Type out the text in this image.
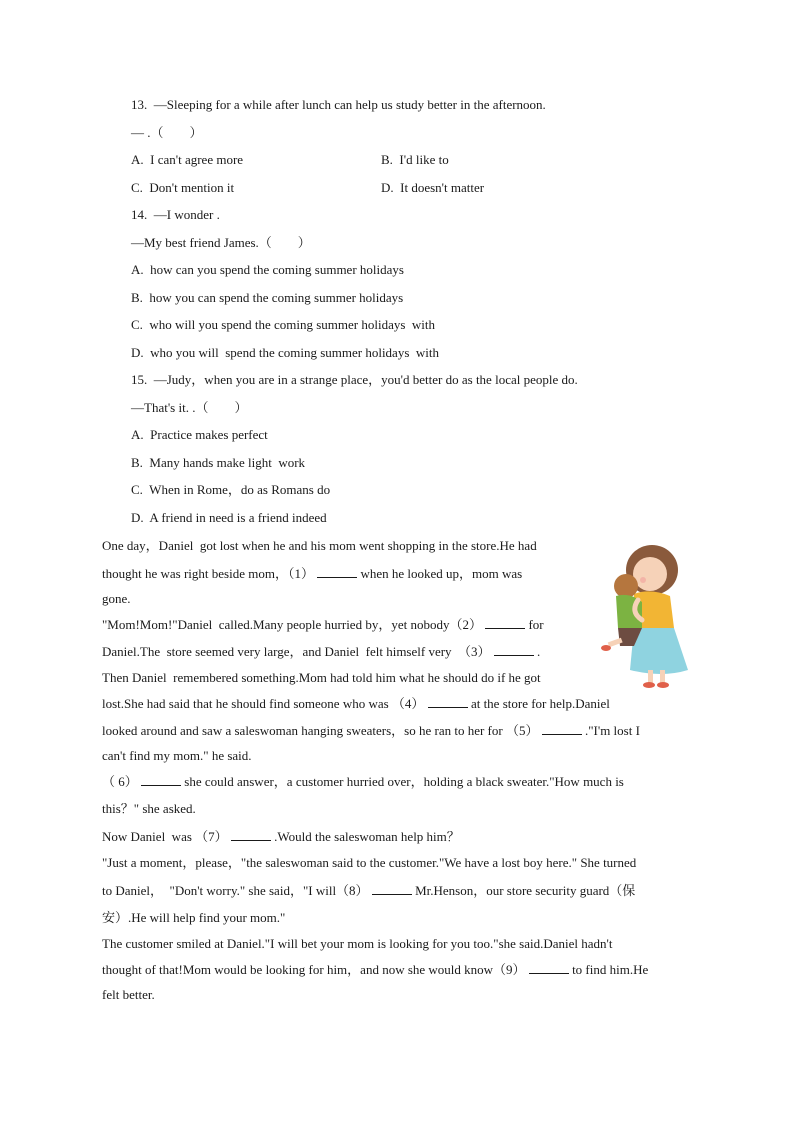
13. —Sleeping for a while after lunch can help us study better in the afternoon.
— .（　　）
A.  I can't agree more	B.  I'd like to
C.  Don't mention it	D.  It doesn't matter
14. —I wonder .
—My best friend James.（　　）
A.  how can you spend the coming summer holidays
B.  how you can spend the coming summer holidays
C.  who will you spend the coming summer holidays  with
D.  who you will  spend the coming summer holidays  with
15. —Judy，when you are in a strange place，you'd better do as the local people do.
—That's it. .（　　）
A.  Practice makes perfect
B.  Many hands make light  work
C.  When in Rome，do as Romans do
D.  A friend in need is a friend indeed
One day，Daniel  got lost when he and his mom went shopping in the store.He had
thought he was right beside mom，（1）	when he looked up，mom was
gone.
"Mom!Mom!"Daniel  called.Many people hurried by，yet nobody（2）	for
Daniel.The  store seemed very large，and Daniel  felt himself very  （3）	.
Then Daniel  remembered something.Mom had told him what he should do if he got
lost.She had said that he should find someone who was （4）	at the store for help.Daniel
looked around and saw a saleswoman hanging sweaters，so he ran to her for （5）	."I'm lost I
can't find my mom." he said.
（ 6）	she could answer，a customer hurried over，holding a black sweater."How much is
this？" she asked.
Now Daniel  was （7）	.Would the saleswoman help him？
"Just a moment，please，"the saleswoman said to the customer."We have a lost boy here." She turned
to Daniel，  "Don't worry." she said，"I will（8）	Mr.Henson，our store security guard（保
安）.He will help find your mom."
The customer smiled at Daniel."I will bet your mom is looking for you too."she said.Daniel hadn't
thought of that!Mom would be looking for him，and now she would know（9）	to find him.He
felt better.
